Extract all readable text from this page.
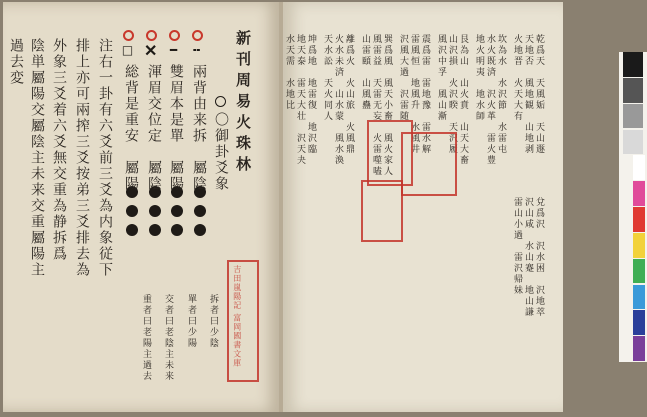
新刊周易火珠林
□ ✕ ━ ╍
〇御卦爻象
兩背由来拆　屬陰
雙眉本是單　屬陽
渾眉交位定　屬陰
総背是重安　屬陽
注右一卦有六爻前三爻為内象従下
排上亦可兩搾三爻按弟三爻排去為
外象三爻着六爻無交重為静拆爲
陰単屬陽交屬陰主未来交重屬陽主
過去変
拆者曰少陰
單者曰少陽
交者曰老陰主未来
重者曰老陽主過去	吉田嵐陽記 富岡國書文庫
乾爲天　天風姤　天山遯
天地否　風地観　山地剥
火地晋　火天大有
坎為水　水沢節　水雷屯
水火既済　沢火革　雷火豊
地火明夷　地水師
艮為山　山火賁　山天大畜
山沢損　火沢睽　天沢履
風沢中孚　風山漸
震爲雷　雷地豫　雷水解
雷風恒　地風升　水風井
沢風大過　沢雷随
巽爲風　風天小畜　風火家人
風雷益　天雷无妄　火雷噬嗑
山雷頤　山風蠱
離爲火　火山旅　火風鼎
火水未済　山水蒙　風水渙
天水訟　天火同人
坤爲地　地雷復　地沢臨
地天泰　雷天大壮　沢天夬
水天需　水地比
兌爲沢　沢水困　沢地萃
沢山咸　水山蹇　地山謙
雷山小過　雷沢帰妹
